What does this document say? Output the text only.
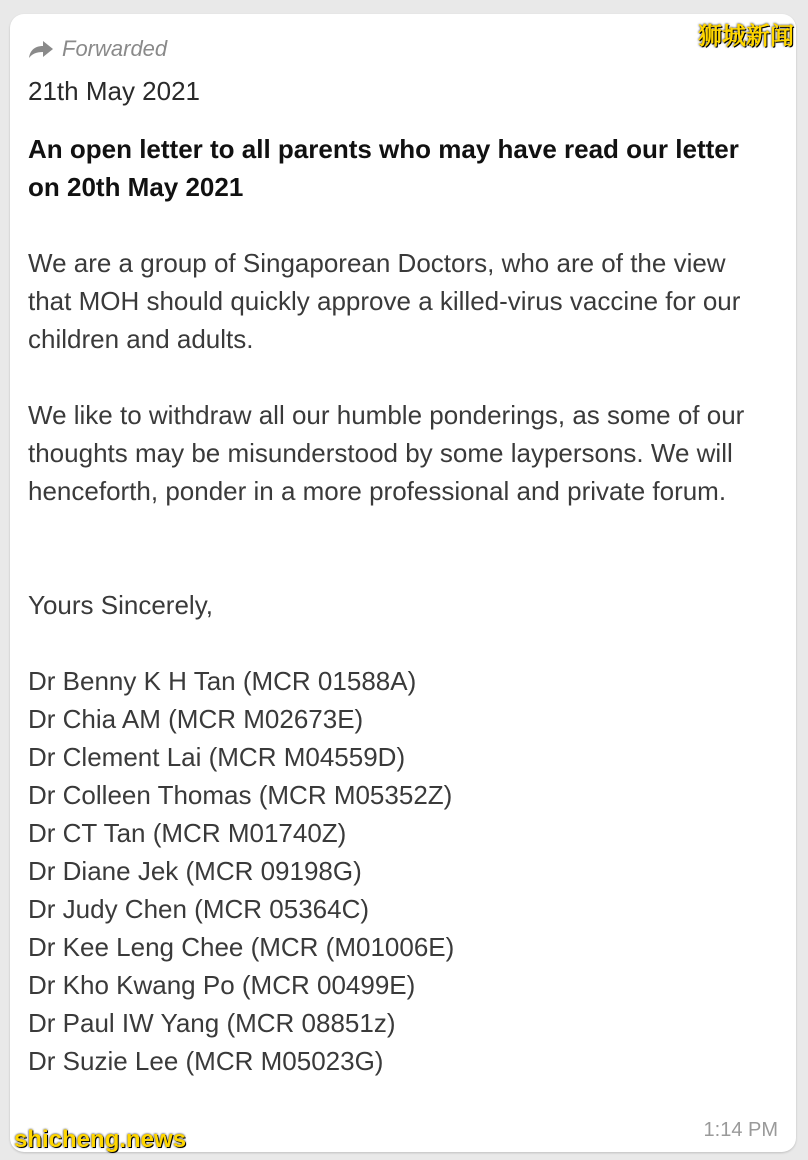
Forwarded

21th May 2021

An open letter to all parents who may have read our letter on 20th May 2021

We are a group of Singaporean Doctors, who are of the view that MOH should quickly approve a killed-virus vaccine for our children and adults.

We like to withdraw all our humble ponderings, as some of our thoughts may be misunderstood by some laypersons. We will henceforth, ponder in a more professional and private forum.

Yours Sincerely,

Dr Benny K H Tan (MCR 01588A)
Dr Chia AM (MCR M02673E)
Dr Clement Lai (MCR M04559D)
Dr Colleen Thomas (MCR M05352Z)
Dr CT Tan (MCR M01740Z)
Dr Diane Jek (MCR 09198G)
Dr Judy Chen (MCR 05364C)
Dr Kee Leng Chee (MCR (M01006E)
Dr Kho Kwang Po (MCR 00499E)
Dr Paul IW Yang (MCR 08851z)
Dr Suzie Lee (MCR M05023G)
1:14 PM
狮城新闻
shicheng.news
